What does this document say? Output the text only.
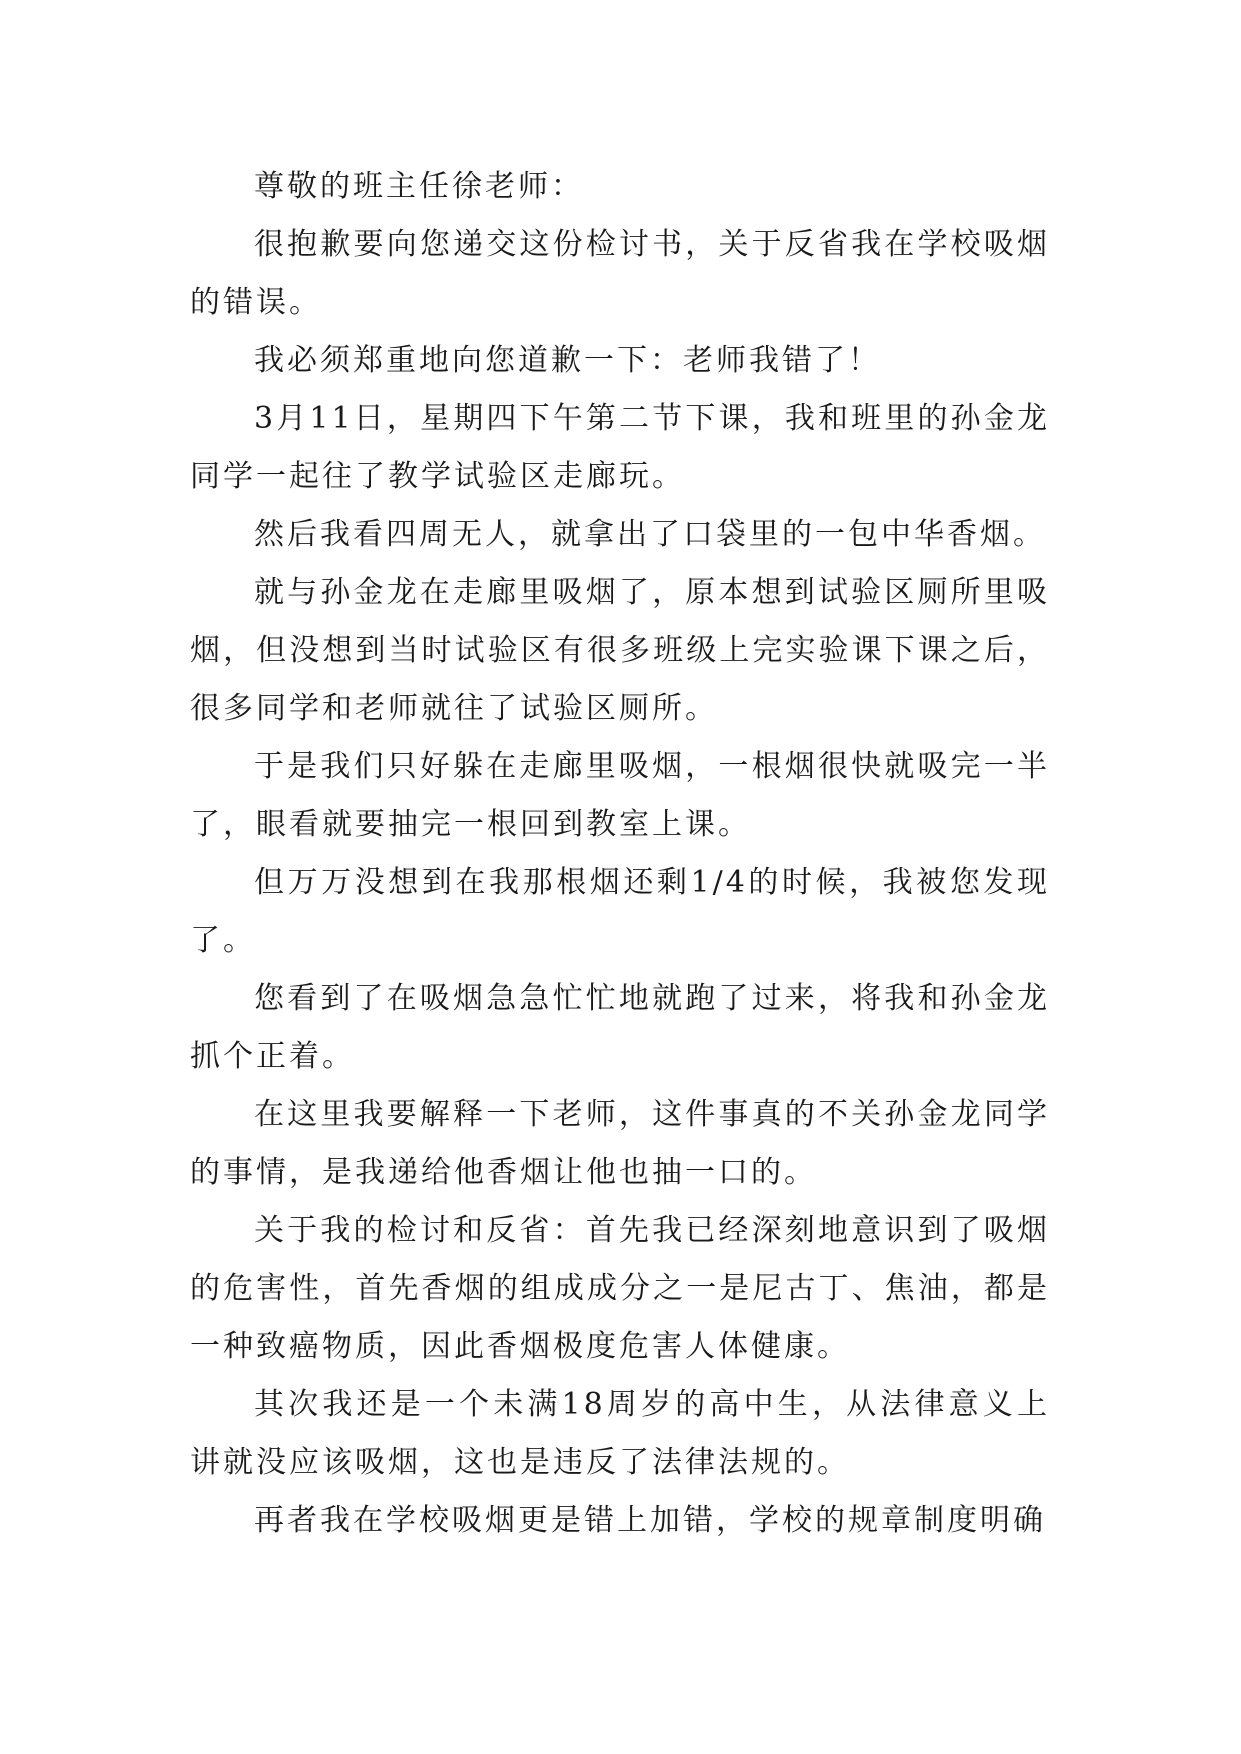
尊敬的班主任徐老师：

很抱歉要向您递交这份检讨书，关于反省我在学校吸烟的错误。

我必须郑重地向您道歉一下：老师我错了！

3月11日，星期四下午第二节下课，我和班里的孙金龙同学一起往了教学试验区走廊玩。

然后我看四周无人，就拿出了口袋里的一包中华香烟。

就与孙金龙在走廊里吸烟了，原本想到试验区厕所里吸烟，但没想到当时试验区有很多班级上完实验课下课之后，很多同学和老师就往了试验区厕所。

于是我们只好躲在走廊里吸烟，一根烟很快就吸完一半了，眼看就要抽完一根回到教室上课。

但万万没想到在我那根烟还剩1/4的时候，我被您发现了。

您看到了在吸烟急急忙忙地就跑了过来，将我和孙金龙抓个正着。

在这里我要解释一下老师，这件事真的不关孙金龙同学的事情，是我递给他香烟让他也抽一口的。

关于我的检讨和反省：首先我已经深刻地意识到了吸烟的危害性，首先香烟的组成成分之一是尼古丁、焦油，都是一种致癌物质，因此香烟极度危害人体健康。

其次我还是一个未满18周岁的高中生，从法律意义上讲就没应该吸烟，这也是违反了法律法规的。

再者我在学校吸烟更是错上加错，学校的规章制度明确
